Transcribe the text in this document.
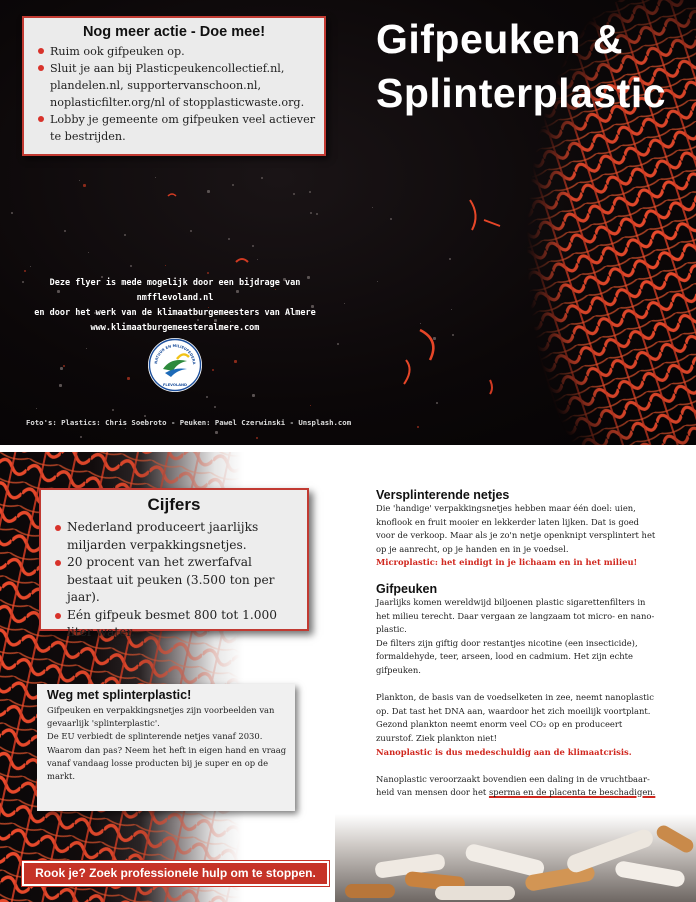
Gifpeuken &
Splinterplastic
Nog meer actie - Doe mee!
Ruim ook gifpeuken op.
Sluit je aan bij Plasticpeukencollectief.nl, plandelen.nl, supportervanschoon.nl, noplasticfilter.org/nl of stopplasticwaste.org.
Lobby je gemeente om gifpeuken veel actiever te bestrijden.
Deze flyer is mede mogelijk door een bijdrage van nmfflevoland.nl
en door het werk van de klimaatburgemeesters van Almere
www.klimaatburgemeesteralmere.com
NATUUR EN MILIEUFEDERA
FLEVOLAND
Foto's: Plastics: Chris Soebroto - Peuken: Pawel Czerwinski - Unsplash.com
Cijfers
Nederland produceert jaarlijks miljarden verpakkingsnetjes.
20 procent van het zwerfafval bestaat uit peuken (3.500 ton per jaar).
Eén gifpeuk besmet 800 tot 1.000 liter water.
Weg met splinterplastic!

Gifpeuken en verpakkingsnetjes zijn voorbeelden van
gevaarlijk 'splinterplastic'.
De EU verbiedt de splinterende netjes vanaf 2030.
Waarom dan pas? Neem het heft in eigen hand en vraag
vanaf vandaag losse producten bij je super en op de
markt.

Rook je? Zoek professionele hulp om te stoppen.
Versplinterende netjes

Die 'handige' verpakkingsnetjes hebben maar één doel: uien,
knoflook en fruit mooier en lekkerder laten lijken. Dat is goed
voor de verkoop. Maar als je zo'n netje openknipt versplintert het
op je aanrecht, op je handen en in je voedsel.

Microplastic: het eindigt in je lichaam en in het milieu!

Gifpeuken

Jaarlijks komen wereldwijd biljoenen plastic sigarettenfilters in
het milieu terecht. Daar vergaan ze langzaam tot micro- en nano-
plastic.
De filters zijn giftig door restantjes nicotine (een insecticide),
formaldehyde, teer, arseen, lood en cadmium. Het zijn echte
gifpeuken.

Plankton, de basis van de voedselketen in zee, neemt nanoplastic
op. Dat tast het DNA aan, waardoor het zich moeilijk voortplant.
Gezond plankton neemt enorm veel CO₂ op en produceert
zuurstof. Ziek plankton niet!

Nanoplastic is dus medeschuldig aan de klimaatcrisis.

Nanoplastic veroorzaakt bovendien een daling in de vruchtbaar-
heid van mensen door het sperma en de placenta te beschadigen.
